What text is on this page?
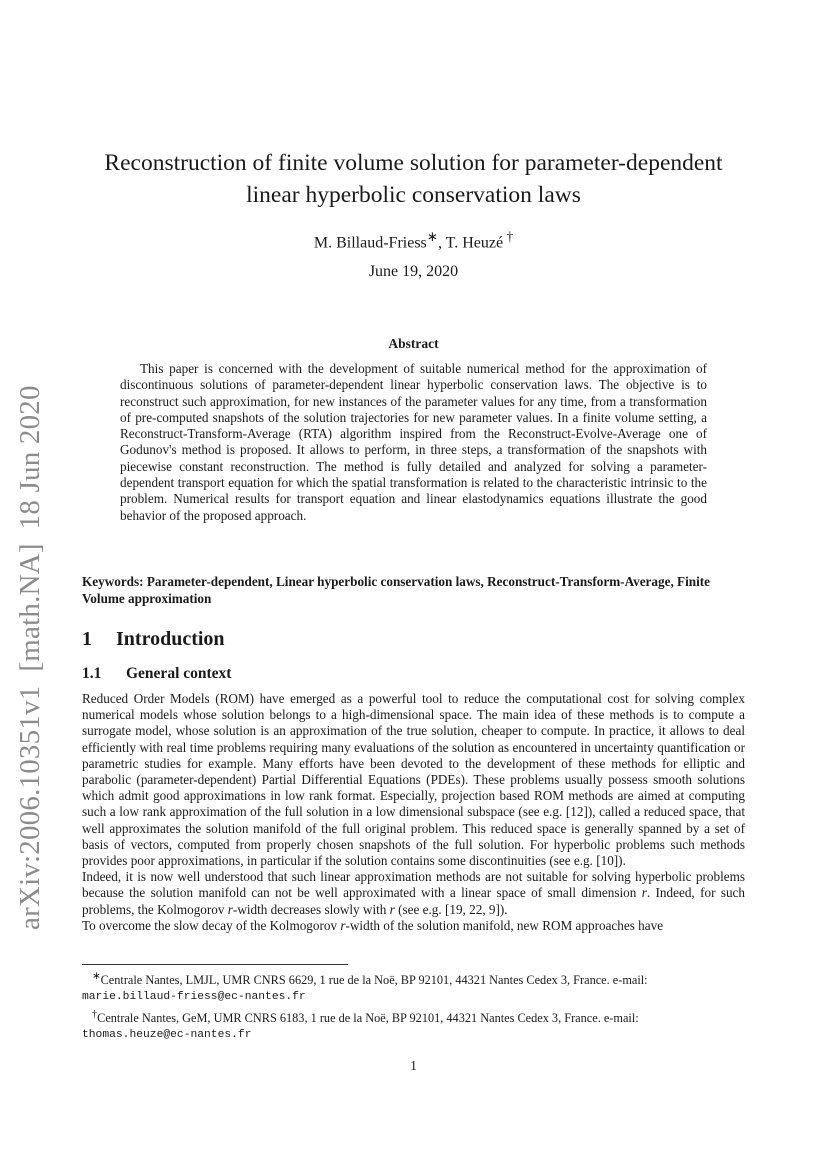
arXiv:2006.10351v1[math.NA]18 Jun 2020
Reconstruction of finite volume solution for parameter-dependent
linear hyperbolic conservation laws
M. Billaud-Friess∗, T. Heuzé †
June 19, 2020
Abstract
This paper is concerned with the development of suitable numerical method for the approximation of discontinuous solutions of parameter-dependent linear hyperbolic conservation laws. The objective is to reconstruct such approximation, for new instances of the parameter values for any time, from a transformation of pre-computed snapshots of the solution trajectories for new parameter values. In a finite volume setting, a Reconstruct-Transform-Average (RTA) algorithm inspired from the Reconstruct-Evolve-Average one of Godunov's method is proposed. It allows to perform, in three steps, a transformation of the snapshots with piecewise constant reconstruction. The method is fully detailed and analyzed for solving a parameter-dependent transport equation for which the spatial transformation is related to the characteristic intrinsic to the problem. Numerical results for transport equation and linear elastodynamics equations illustrate the good behavior of the proposed approach.
Keywords: Parameter-dependent, Linear hyperbolic conservation laws, Reconstruct-Transform-Average, Finite Volume approximation
1 Introduction
1.1 General context

Reduced Order Models (ROM) have emerged as a powerful tool to reduce the computational cost for solving complex numerical models whose solution belongs to a high-dimensional space. The main idea of these methods is to compute a surrogate model, whose solution is an approximation of the true solution, cheaper to compute. In practice, it allows to deal efficiently with real time problems requiring many evaluations of the solution as encountered in uncertainty quantification or parametric studies for example. Many efforts have been devoted to the development of these methods for elliptic and parabolic (parameter-dependent) Partial Differential Equations (PDEs). These problems usually possess smooth solutions which admit good approximations in low rank format. Especially, projection based ROM methods are aimed at computing such a low rank approximation of the full solution in a low dimensional subspace (see e.g. [12]), called a reduced space, that well approximates the solution manifold of the full original problem. This reduced space is generally spanned by a set of basis of vectors, computed from properly chosen snapshots of the full solution. For hyperbolic problems such methods provides poor approximations, in particular if the solution contains some discontinuities (see e.g. [10]).

Indeed, it is now well understood that such linear approximation methods are not suitable for solving hyperbolic problems because the solution manifold can not be well approximated with a linear space of small dimension r. Indeed, for such problems, the Kolmogorov r-width decreases slowly with r (see e.g. [19, 22, 9]).

To overcome the slow decay of the Kolmogorov r-width of the solution manifold, new ROM approaches have

∗Centrale Nantes, LMJL, UMR CNRS 6629, 1 rue de la Noë, BP 92101, 44321 Nantes Cedex 3, France. e-mail:
marie.billaud-friess@ec-nantes.fr

†Centrale Nantes, GeM, UMR CNRS 6183, 1 rue de la Noë, BP 92101, 44321 Nantes Cedex 3, France. e-mail:
thomas.heuze@ec-nantes.fr

1
